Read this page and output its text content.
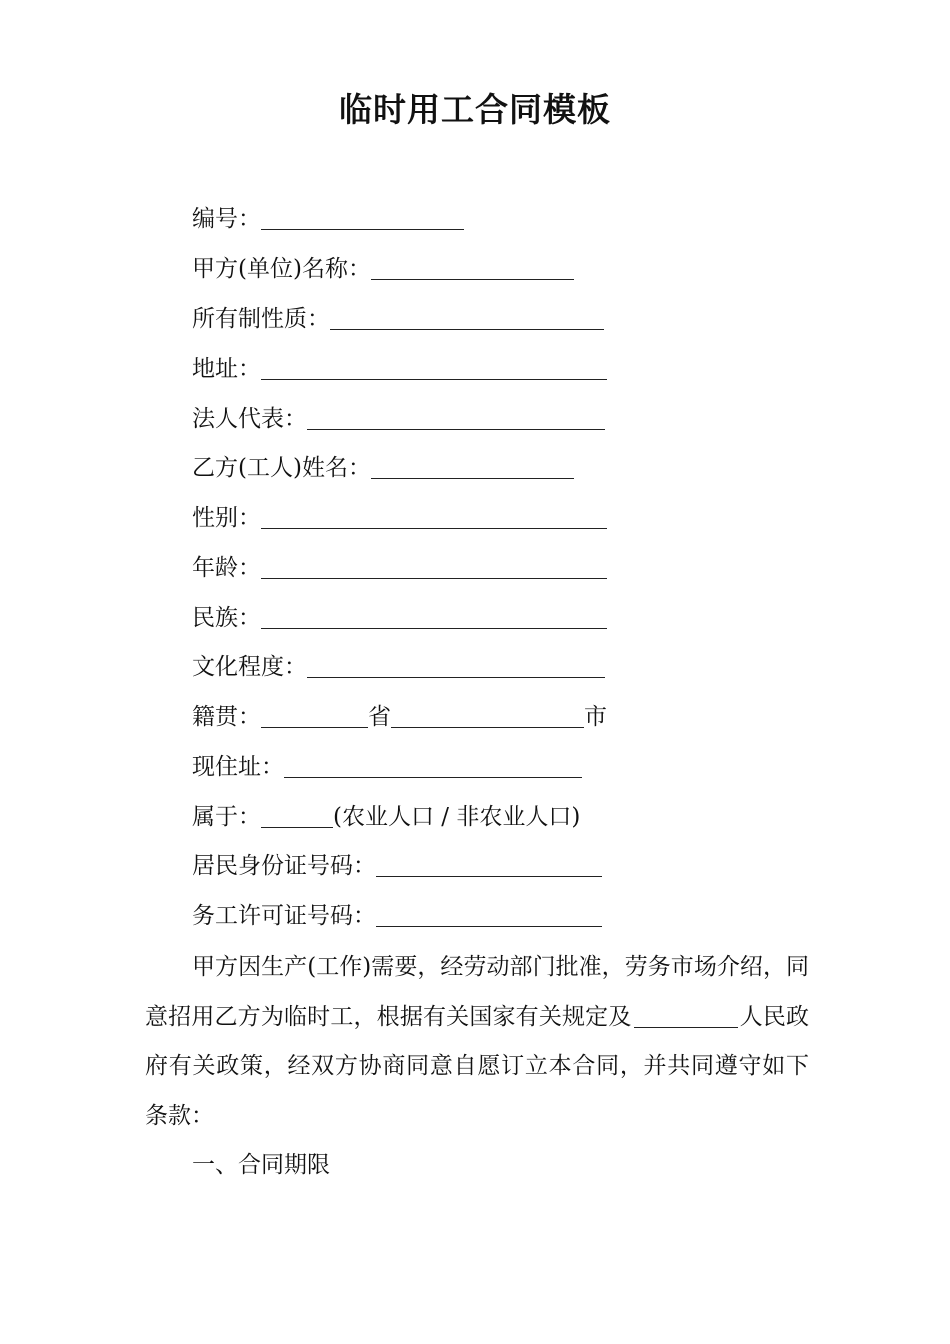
临时用工合同模板
编号：
甲方(单位)名称：
所有制性质：
地址：
法人代表：
乙方(工人)姓名：
性别：
年龄：
民族：
文化程度：
籍贯：	省	市
现住址：
属于：	(农业人口 / 非农业人口)
居民身份证号码：
务工许可证号码：
甲方因生产(工作)需要，经劳动部门批准，劳务市场介绍，同意招用乙方为临时工，根据有关国家有关规定及	人民政府有关政策，经双方协商同意自愿订立本合同，并共同遵守如下条款：
一、合同期限
